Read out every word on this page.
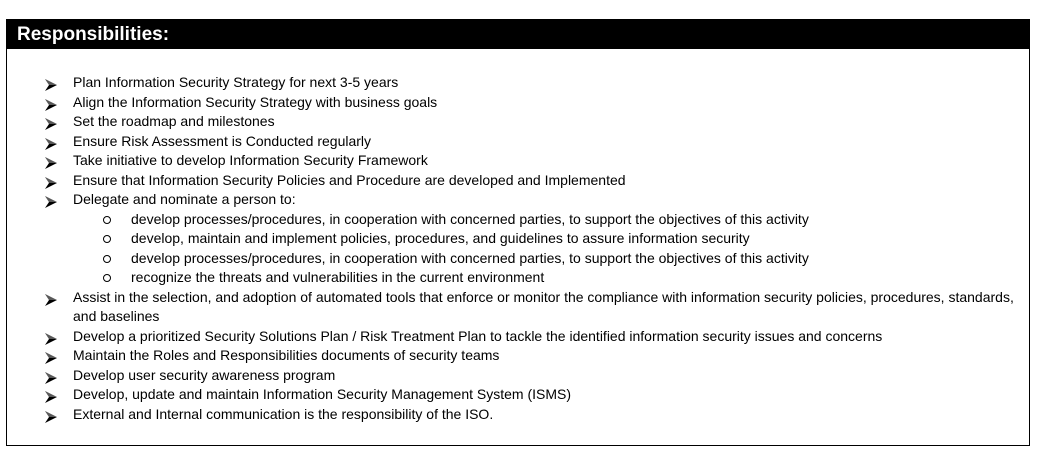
Responsibilities:
Plan Information Security Strategy for next 3-5 years
Align the Information Security Strategy with business goals
Set the roadmap and milestones
Ensure Risk Assessment is Conducted regularly
Take initiative to develop Information Security Framework
Ensure that Information Security Policies and Procedure are developed and Implemented
Delegate and nominate a person to:
develop processes/procedures, in cooperation with concerned parties, to support the objectives of this activity
develop, maintain and implement policies, procedures, and guidelines to assure information security
develop processes/procedures, in cooperation with concerned parties, to support the objectives of this activity
recognize the threats and vulnerabilities in the current environment
Assist in the selection, and adoption of automated tools that enforce or monitor the compliance with information security policies, procedures, standards, and baselines
Develop a prioritized Security Solutions Plan / Risk Treatment Plan to tackle the identified information security issues and concerns
Maintain the Roles and Responsibilities documents of security teams
Develop user security awareness program
Develop, update and maintain Information Security Management System (ISMS)
External and Internal communication is the responsibility of the ISO.
